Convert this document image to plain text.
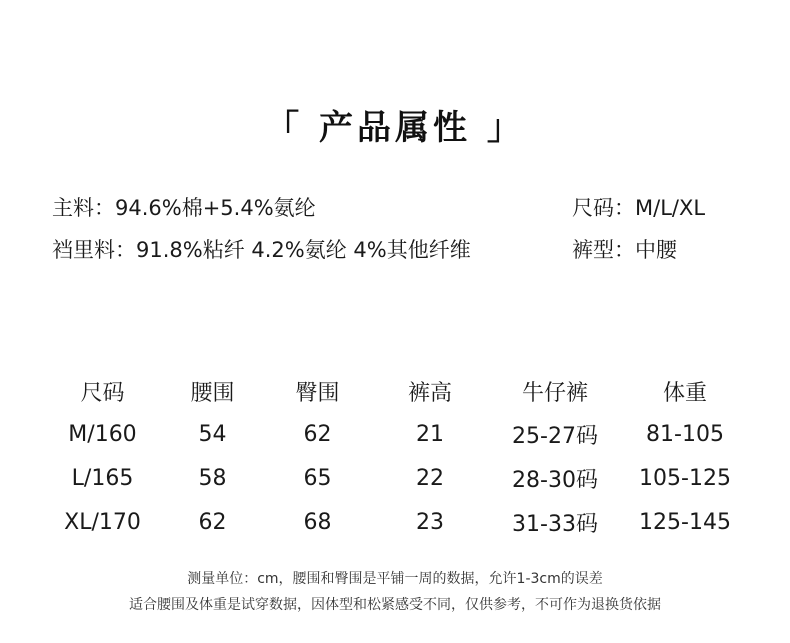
「 产品属性 」
主料：94.6%棉+5.4%氨纶	尺码：M/L/XL
裆里料：91.8%粘纤 4.2%氨纶 4%其他纤维	裤型：中腰
尺码	腰围	臀围	裤高	牛仔裤	体重
M/160	54	62	21	25-27码	81-105
L/165	58	65	22	28-30码	105-125
XL/170	62	68	23	31-33码	125-145
测量单位：cm，腰围和臀围是平铺一周的数据，允许1-3cm的误差
适合腰围及体重是试穿数据，因体型和松紧感受不同，仅供参考，不可作为退换货依据
